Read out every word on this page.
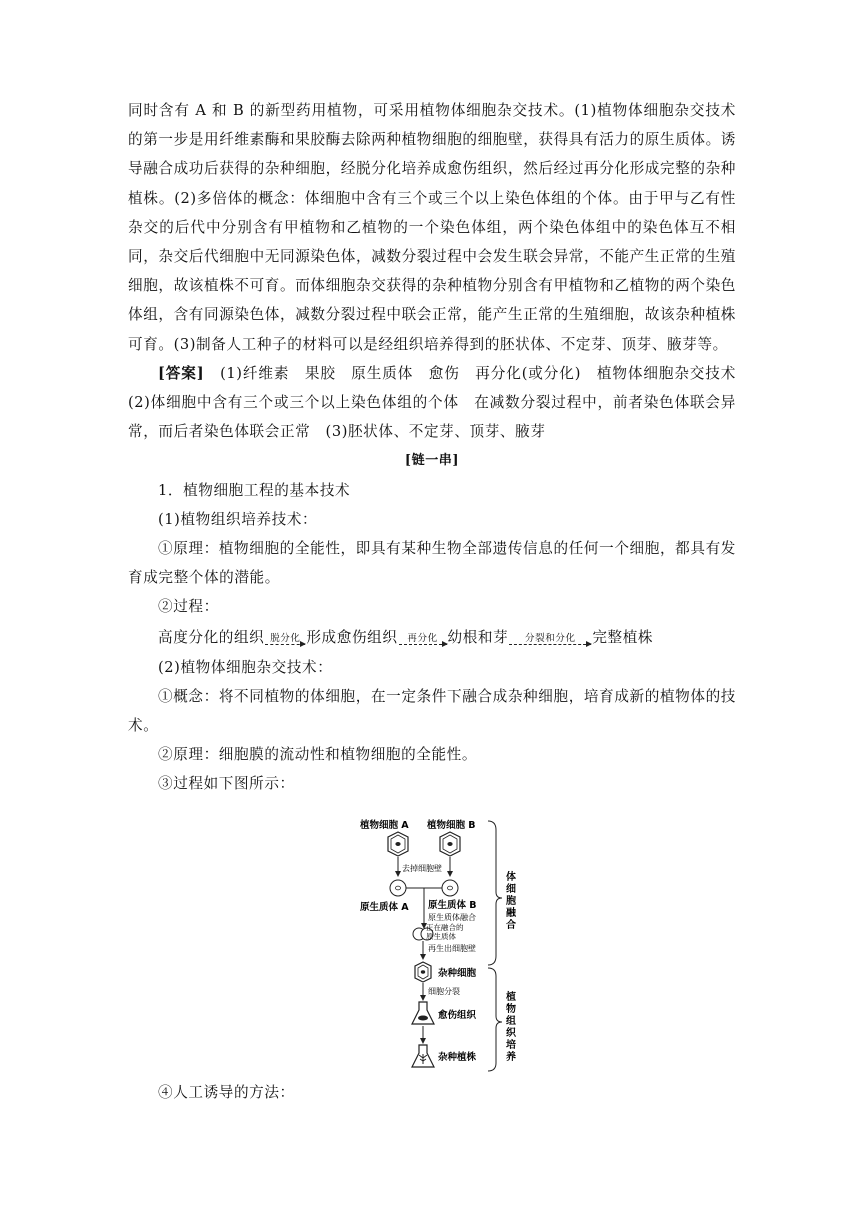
同时含有 A 和 B 的新型药用植物，可采用植物体细胞杂交技术。(1)植物体细胞杂交技术的第一步是用纤维素酶和果胶酶去除两种植物细胞的细胞壁，获得具有活力的原生质体。诱导融合成功后获得的杂种细胞，经脱分化培养成愈伤组织，然后经过再分化形成完整的杂种植株。(2)多倍体的概念：体细胞中含有三个或三个以上染色体组的个体。由于甲与乙有性杂交的后代中分别含有甲植物和乙植物的一个染色体组，两个染色体组中的染色体互不相同，杂交后代细胞中无同源染色体，减数分裂过程中会发生联会异常，不能产生正常的生殖细胞，故该植株不可育。而体细胞杂交获得的杂种植物分别含有甲植物和乙植物的两个染色体组，含有同源染色体，减数分裂过程中联会正常，能产生正常的生殖细胞，故该杂种植株可育。(3)制备人工种子的材料可以是经组织培养得到的胚状体、不定芽、顶芽、腋芽等。

[答案]　 (1)纤维素　果胶　原生质体　愈伤　再分化(或分化)　植物体细胞杂交技术 (2)体细胞中含有三个或三个以上染色体组的个体　在减数分裂过程中，前者染色体联会异常，而后者染色体联会正常　(3)胚状体、不定芽、顶芽、腋芽

[链一串]

1．植物细胞工程的基本技术

(1)植物组织培养技术：

①原理：植物细胞的全能性，即具有某种生物全部遗传信息的任何一个细胞，都具有发育成完整个体的潜能。

②过程：

高度分化的组织 脱分化 形成愈伤组织 再分化 幼根和芽 分裂和分化 完整植株

(2)植物体细胞杂交技术：

①概念：将不同植物的体细胞，在一定条件下融合成杂种细胞，培育成新的植物体的技术。

②原理：细胞膜的流动性和植物细胞的全能性。

③过程如下图所示：

植物细胞 A 植物细胞 B
去掉细胞壁
原生质体 A 原生质体 B
原生质体融合
正在融合的
原生质体
再生出细胞壁
杂种细胞
细胞分裂
愈伤组织
杂种植株
体细胞融合
植物组织培养

④人工诱导的方法：
